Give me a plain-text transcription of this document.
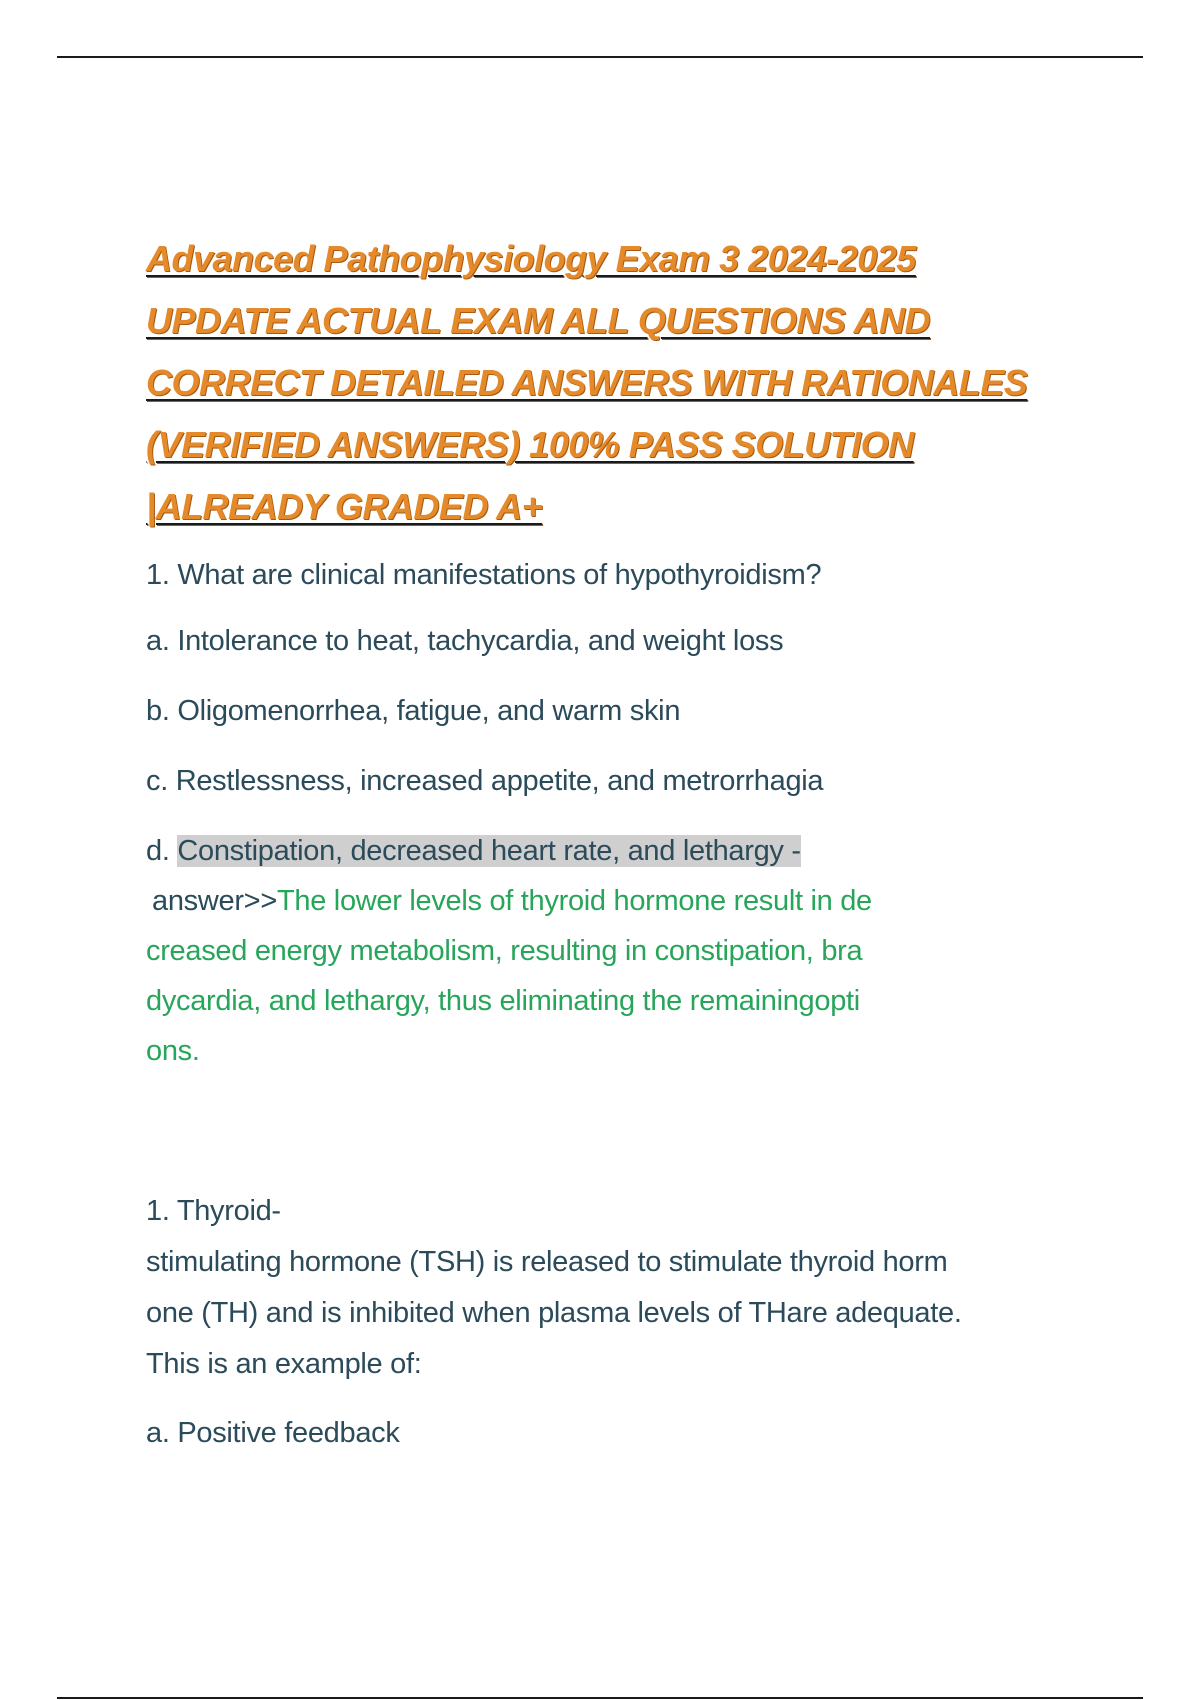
Advanced Pathophysiology Exam 3 2024-2025
UPDATE ACTUAL EXAM ALL QUESTIONS AND
CORRECT DETAILED ANSWERS WITH RATIONALES
(VERIFIED ANSWERS) 100% PASS SOLUTION
|ALREADY GRADED A+
1. What are clinical manifestations of hypothyroidism?
a. Intolerance to heat, tachycardia, and weight loss
b. Oligomenorrhea, fatigue, and warm skin
c. Restlessness, increased appetite, and metrorrhagia
d. Constipation, decreased heart rate, and lethargy -
answer>>The lower levels of thyroid hormone result in de
creased energy metabolism, resulting in constipation, bra
dycardia, and lethargy, thus eliminating the remainingopti
ons.
1. Thyroid-
stimulating hormone (TSH) is released to stimulate thyroid horm
one (TH) and is inhibited when plasma levels of THare adequate.
This is an example of:
a. Positive feedback
